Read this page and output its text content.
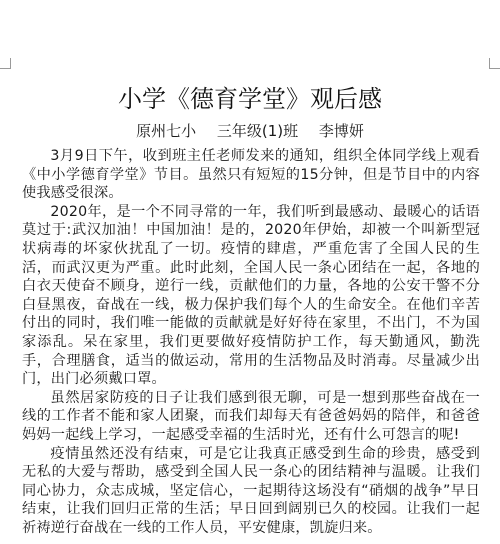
小学《德育学堂》观后感
原州七小 三年级(1)班 李博妍

3月9日下午，收到班主任老师发来的通知，组织全体同学线上观看《中小学德育学堂》节目。虽然只有短短的15分钟，但是节目中的内容使我感受很深。

2020年，是一个不同寻常的一年，我们听到最感动、最暖心的话语莫过于:武汉加油！中国加油！是的，2020年伊始，却被一个叫新型冠状病毒的坏家伙扰乱了一切。疫情的肆虐，严重危害了全国人民的生活，而武汉更为严重。此时此刻，全国人民一条心团结在一起，各地的白衣天使奋不顾身，逆行一线，贡献他们的力量，各地的公安干警不分白昼黑夜，奋战在一线，极力保护我们每个人的生命安全。在他们辛苦付出的同时，我们唯一能做的贡献就是好好待在家里，不出门，不为国家添乱。呆在家里，我们更要做好疫情防护工作，每天勤通风，勤洗手，合理膳食，适当的做运动，常用的生活物品及时消毒。尽量减少出门，出门必须戴口罩。

虽然居家防疫的日子让我们感到很无聊，可是一想到那些奋战在一线的工作者不能和家人团聚，而我们却每天有爸爸妈妈的陪伴，和爸爸妈妈一起线上学习，一起感受幸福的生活时光，还有什么可怨言的呢!

疫情虽然还没有结束，可是它让我真正感受到生命的珍贵，感受到无私的大爱与帮助，感受到全国人民一条心的团结精神与温暖。让我们同心协力，众志成城，坚定信心，一起期待这场没有“硝烟的战争”早日结束，让我们回归正常的生活；早日回到阔别已久的校园。让我们一起祈祷逆行奋战在一线的工作人员，平安健康，凯旋归来。
